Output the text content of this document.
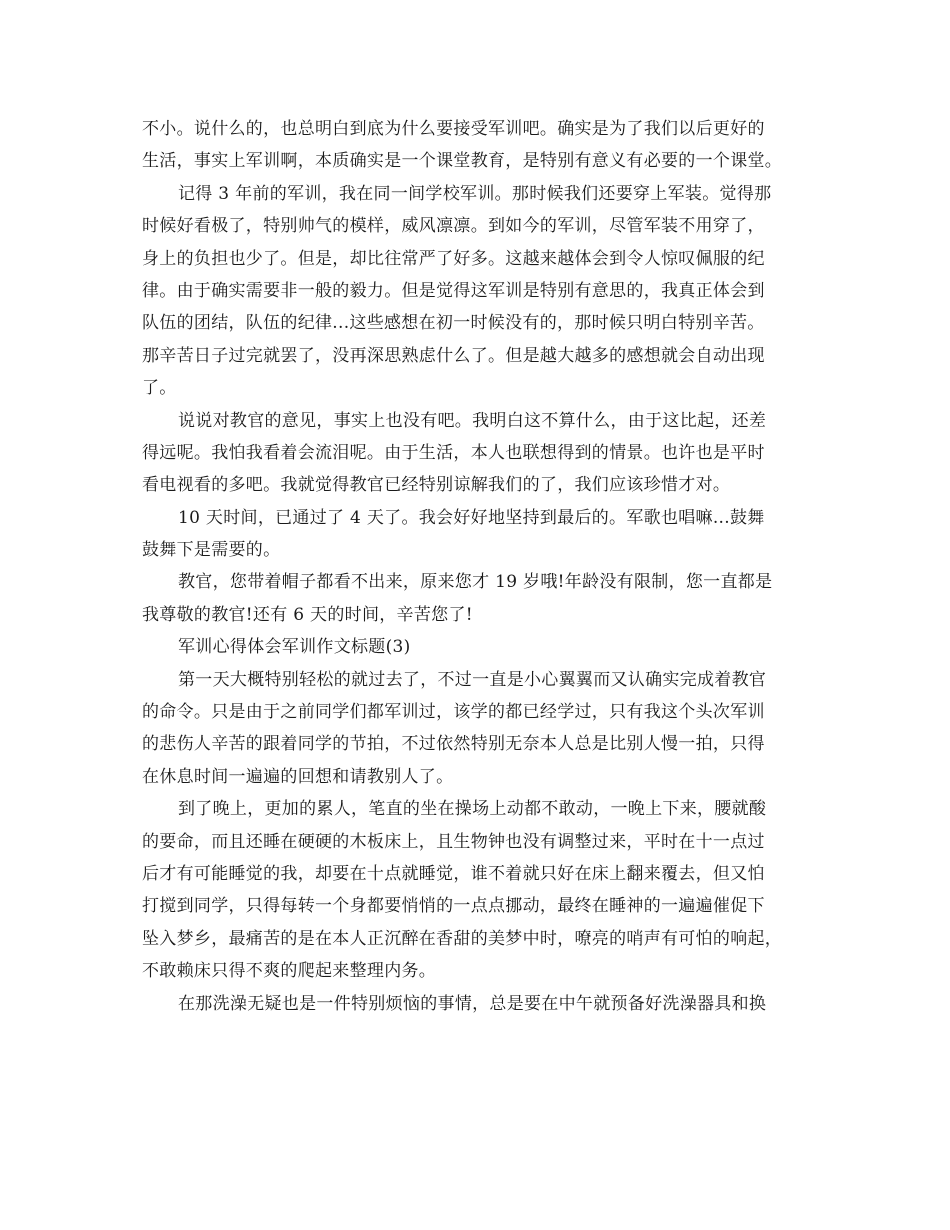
不小。说什么的，也总明白到底为什么要接受军训吧。确实是为了我们以后更好的
生活，事实上军训啊，本质确实是一个课堂教育，是特别有意义有必要的一个课堂。
记得 3 年前的军训，我在同一间学校军训。那时候我们还要穿上军装。觉得那
时候好看极了，特别帅气的模样，威风凛凛。到如今的军训，尽管军装不用穿了，
身上的负担也少了。但是，却比往常严了好多。这越来越体会到令人惊叹佩服的纪
律。由于确实需要非一般的毅力。但是觉得这军训是特别有意思的，我真正体会到
队伍的团结，队伍的纪律...这些感想在初一时候没有的，那时候只明白特别辛苦。
那辛苦日子过完就罢了，没再深思熟虑什么了。但是越大越多的感想就会自动出现
了。
说说对教官的意见，事实上也没有吧。我明白这不算什么，由于这比起，还差
得远呢。我怕我看着会流泪呢。由于生活，本人也联想得到的情景。也许也是平时
看电视看的多吧。我就觉得教官已经特别谅解我们的了，我们应该珍惜才对。
10 天时间，已通过了 4 天了。我会好好地坚持到最后的。军歌也唱嘛...鼓舞
鼓舞下是需要的。
教官，您带着帽子都看不出来，原来您才 19 岁哦!年龄没有限制，您一直都是
我尊敬的教官!还有 6 天的时间，辛苦您了!
军训心得体会军训作文标题(3)
第一天大概特别轻松的就过去了，不过一直是小心翼翼而又认确实完成着教官
的命令。只是由于之前同学们都军训过，该学的都已经学过，只有我这个头次军训
的悲伤人辛苦的跟着同学的节拍，不过依然特别无奈本人总是比别人慢一拍，只得
在休息时间一遍遍的回想和请教别人了。
到了晚上，更加的累人，笔直的坐在操场上动都不敢动，一晚上下来，腰就酸
的要命，而且还睡在硬硬的木板床上，且生物钟也没有调整过来，平时在十一点过
后才有可能睡觉的我，却要在十点就睡觉，谁不着就只好在床上翻来覆去，但又怕
打搅到同学，只得每转一个身都要悄悄的一点点挪动，最终在睡神的一遍遍催促下
坠入梦乡，最痛苦的是在本人正沉醉在香甜的美梦中时，嘹亮的哨声有可怕的响起，
不敢赖床只得不爽的爬起来整理内务。
在那洗澡无疑也是一件特别烦恼的事情，总是要在中午就预备好洗澡器具和换
